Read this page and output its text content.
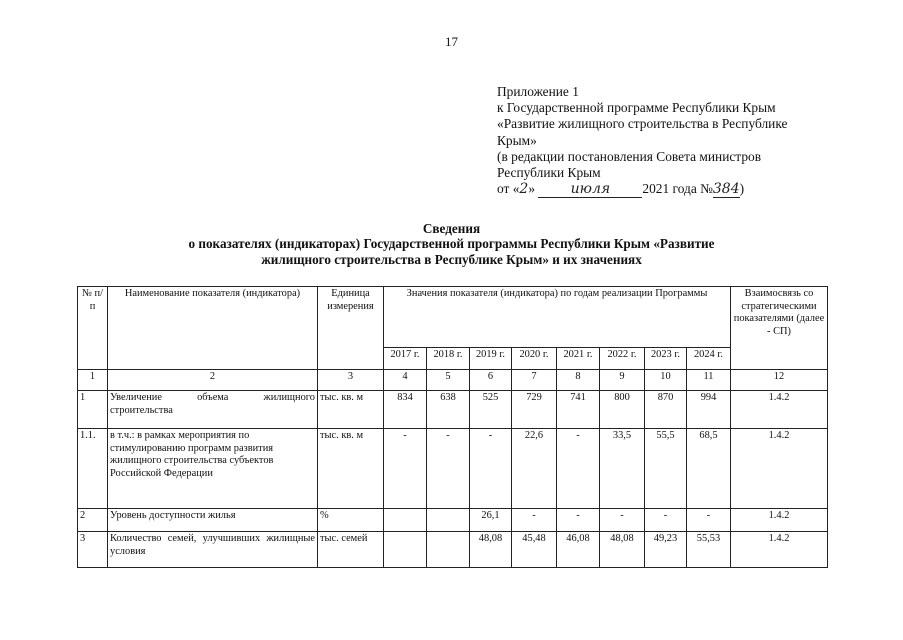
17
Приложение 1
к Государственной программе Республики Крым
«Развитие жилищного строительства в Республике
Крым»
(в редакции постановления Совета министров
Республики Крым
от «2»	июля 2021 года №384)
Сведения
о показателях (индикаторах) Государственной программы Республики Крым «Развитие
жилищного строительства в Республике Крым» и их значениях
№ п/п	Наименование показателя (индикатора)	Единица измерения	Значения показателя (индикатора) по годам реализации Программы								Взаимосвязь со стратегическими показателями (далее - СП)
			2017 г.	2018 г.	2019 г.	2020 г.	2021 г.	2022 г.	2023 г.	2024 г.	
1	2	3	4	5	6	7	8	9	10	11	12
1	Увеличение объема жилищного строительства	тыс. кв. м	834	638	525	729	741	800	870	994	1.4.2
1.1.	в т.ч.: в рамках мероприятия по стимулированию программ развития жилищного строительства субъектов Российской Федерации	тыс. кв. м	-	-	-	22,6	-	33,5	55,5	68,5	1.4.2
2	Уровень доступности жилья	%			26,1	-	-	-	-	-	1.4.2
3	Количество семей, улучшивших жилищные условия	тыс. семей			48,08	45,48	46,08	48,08	49,23	55,53	1.4.2
